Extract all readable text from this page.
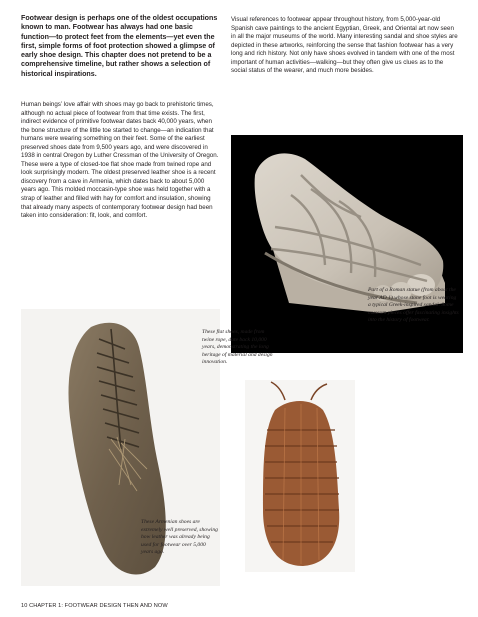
Footwear design is perhaps one of the oldest occupations known to man. Footwear has always had one basic function—to protect feet from the elements—yet even the first, simple forms of foot protection showed a glimpse of early shoe design. This chapter does not pretend to be a comprehensive timeline, but rather shows a selection of historical inspirations.

Human beings’ love affair with shoes may go back to prehistoric times, although no actual piece of footwear from that time exists. The first, indirect evidence of primitive footwear dates back 40,000 years, when the bone structure of the little toe started to change—an indication that humans were wearing something on their feet. Some of the earliest preserved shoes date from 9,500 years ago, and were discovered in 1938 in central Oregon by Luther Cressman of the University of Oregon. These were a type of closed-toe flat shoe made from twined rope and look surprisingly modern. The oldest preserved leather shoe is a recent discovery from a cave in Armenia, which dates back to about 5,000 years ago. This molded moccasin-type shoe was held together with a strap of leather and filled with hay for comfort and insulation, showing that already many aspects of contemporary footwear design had been taken into consideration: fit, look, and comfort.

Visual references to footwear appear throughout history, from 5,000-year-old Spanish cave paintings to the ancient Egyptian, Greek, and Oriental art now seen in all the major museums of the world. Many interesting sandal and shoe styles are depicted in these artworks, reinforcing the sense that fashion footwear has a very long and rich history. Not only have shoes evolved in tandem with one of the most important of human activities—walking—but they often give us clues as to the social status of the wearer, and much more besides.

Part of a Roman statue (from about the year AD 1) whose stone foot is wearing a typical Greek-inspired sandal. Some museum pieces offer fascinating insights into the history of footwear.

These flat shoes, made from twine rope, date back 10,000 years, demonstrating the long heritage of material and design innovation.

These Armenian shoes are extremely well preserved, showing how leather was already being used for footwear over 5,000 years ago.

10 CHAPTER 1: FOOTWEAR DESIGN THEN AND NOW
